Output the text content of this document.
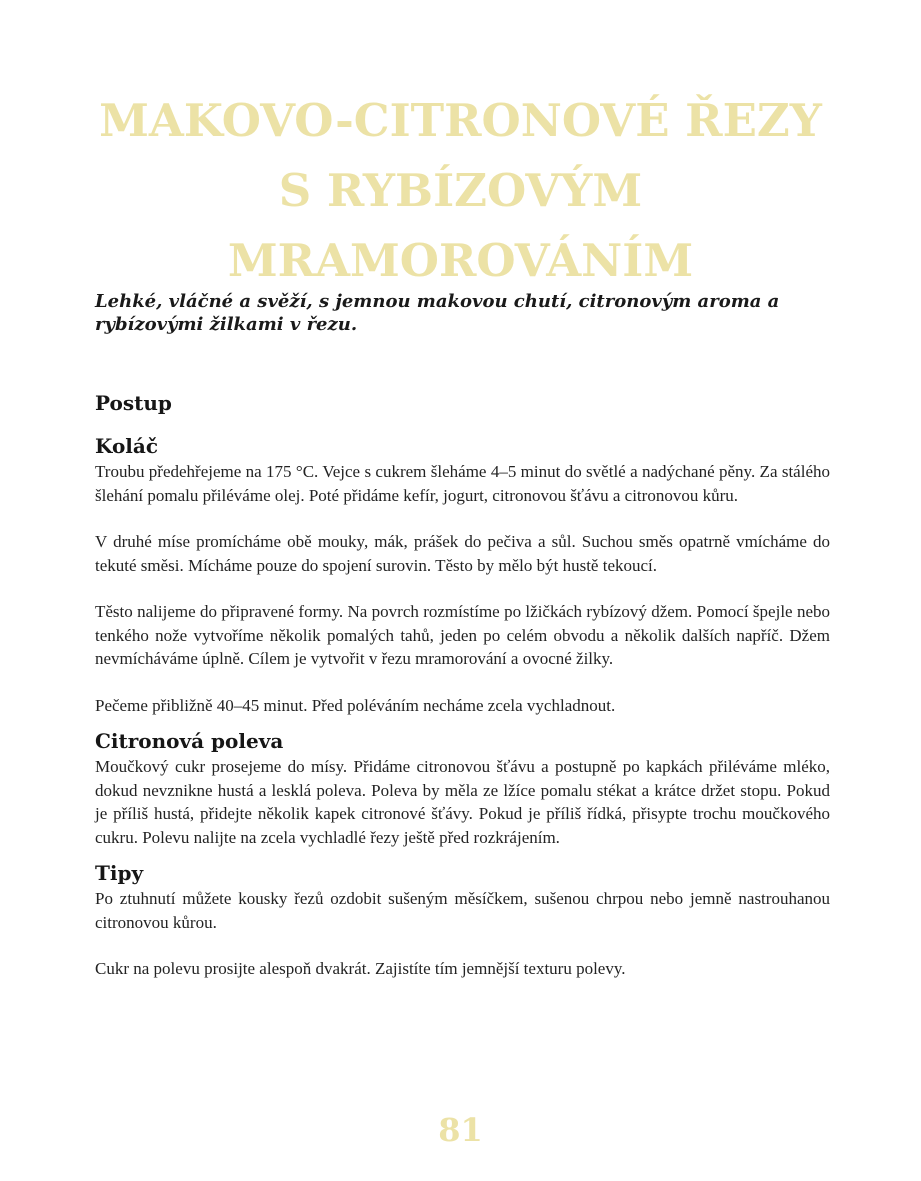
MAKOVO-CITRONOVÉ ŘEZY
S RYBÍZOVÝM MRAMOROVÁNÍM

Lehké, vláčné a svěží, s jemnou makovou chutí, citronovým aroma a rybízovými žilkami v řezu.

Postup
Koláč

Troubu předehřejeme na 175 °C. Vejce s cukrem šleháme 4–5 minut do světlé a nadýchané pěny. Za stálého šlehání pomalu přiléváme olej. Poté přidáme kefír, jogurt, citronovou šťávu a citronovou kůru.

V druhé míse promícháme obě mouky, mák, prášek do pečiva a sůl. Suchou směs opatrně vmícháme do tekuté směsi. Mícháme pouze do spojení surovin. Těsto by mělo být hustě tekoucí.

Těsto nalijeme do připravené formy. Na povrch rozmístíme po lžičkách rybízový džem. Pomocí špejle nebo tenkého nože vytvoříme několik pomalých tahů, jeden po celém obvodu a několik dalších napříč. Džem nevmícháváme úplně. Cílem je vytvořit v řezu mramorování a ovocné žilky.

Pečeme přibližně 40–45 minut. Před poléváním necháme zcela vychladnout.

Citronová poleva

Moučkový cukr prosejeme do mísy. Přidáme citronovou šťávu a postupně po kapkách přiléváme mléko, dokud nevznikne hustá a lesklá poleva. Poleva by měla ze lžíce pomalu stékat a krátce držet stopu. Pokud je příliš hustá, přidejte několik kapek citronové šťávy. Pokud je příliš řídká, přisypte trochu moučkového cukru. Polevu nalijte na zcela vychladlé řezy ještě před rozkrájením.

Tipy

Po ztuhnutí můžete kousky řezů ozdobit sušeným měsíčkem, sušenou chrpou nebo jemně nastrouhanou citronovou kůrou.

Cukr na polevu prosijte alespoň dvakrát. Zajistíte tím jemnější texturu polevy.

81
